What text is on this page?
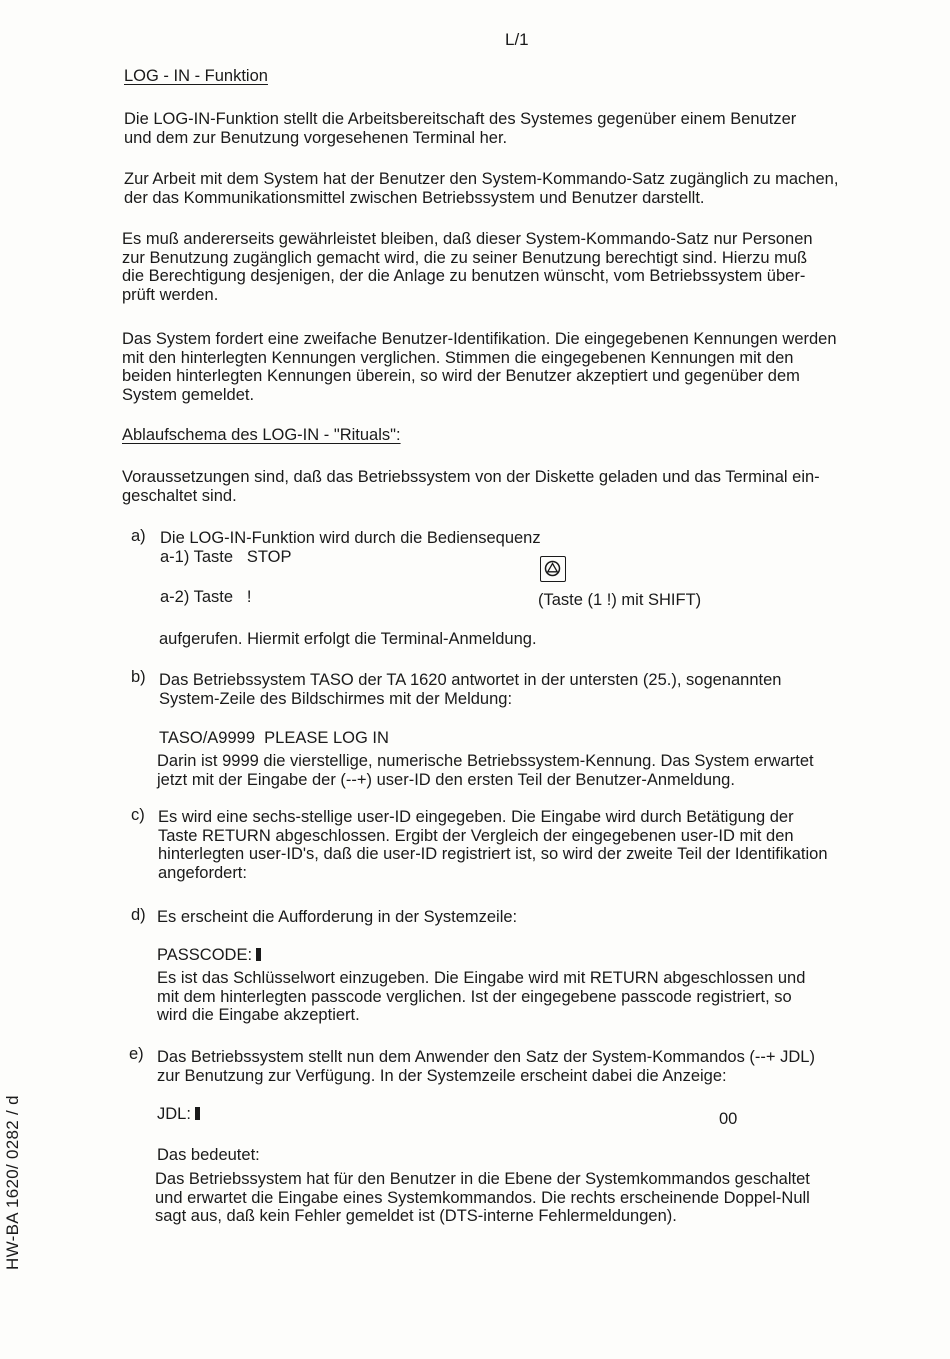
L/1
LOG - IN - Funktion

Die LOG-IN-Funktion stellt die Arbeitsbereitschaft des Systemes gegenüber einem Benutzer

und dem zur Benutzung vorgesehenen Terminal her.

Zur Arbeit mit dem System hat der Benutzer den System-Kommando-Satz zugänglich zu machen,

der das Kommunikationsmittel zwischen Betriebssystem und Benutzer darstellt.

Es muß andererseits gewährleistet bleiben, daß dieser System-Kommando-Satz nur Personen

zur Benutzung zugänglich gemacht wird, die zu seiner Benutzung berechtigt sind. Hierzu muß

die Berechtigung desjenigen, der die Anlage zu benutzen wünscht, vom Betriebssystem über-

prüft werden.

Das System fordert eine zweifache Benutzer-Identifikation. Die eingegebenen Kennungen werden

mit den hinterlegten Kennungen verglichen. Stimmen die eingegebenen Kennungen mit den

beiden hinterlegten Kennungen überein, so wird der Benutzer akzeptiert und gegenüber dem

System gemeldet.

Ablaufschema des LOG-IN - "Rituals":

Voraussetzungen sind, daß das Betriebssystem von der Diskette geladen und das Terminal ein-

geschaltet sind.

a) Die LOG-IN-Funktion wird durch die Bediensequenz
a-1) Taste   STOP
a-2) Taste   !	(Taste (1 !) mit SHIFT)
aufgerufen. Hiermit erfolgt die Terminal-Anmeldung.
b) Das Betriebssystem TASO der TA 1620 antwortet in der untersten (25.), sogenannten

System-Zeile des Bildschirmes mit der Meldung:

TASO/A9999  PLEASE LOG IN

Darin ist 9999 die vierstellige, numerische Betriebssystem-Kennung. Das System erwartet

jetzt mit der Eingabe der (--+) user-ID den ersten Teil der Benutzer-Anmeldung.

c) Es wird eine sechs-stellige user-ID eingegeben. Die Eingabe wird durch Betätigung der

Taste RETURN abgeschlossen. Ergibt der Vergleich der eingegebenen user-ID mit den

hinterlegten user-ID's, daß die user-ID registriert ist, so wird der zweite Teil der Identifikation

angefordert:

d) Es erscheint die Aufforderung in der Systemzeile:
PASSCODE:

Es ist das Schlüsselwort einzugeben. Die Eingabe wird mit RETURN abgeschlossen und

mit dem hinterlegten passcode verglichen. Ist der eingegebene passcode registriert, so

wird die Eingabe akzeptiert.

e) Das Betriebssystem stellt nun dem Anwender den Satz der System-Kommandos (--+ JDL)

zur Benutzung zur Verfügung. In der Systemzeile erscheint dabei die Anzeige:

JDL:	00
Das bedeutet:

Das Betriebssystem hat für den Benutzer in die Ebene der Systemkommandos geschaltet

und erwartet die Eingabe eines Systemkommandos. Die rechts erscheinende Doppel-Null

sagt aus, daß kein Fehler gemeldet ist (DTS-interne Fehlermeldungen).

HW-BA 1620/ 0282 / d
